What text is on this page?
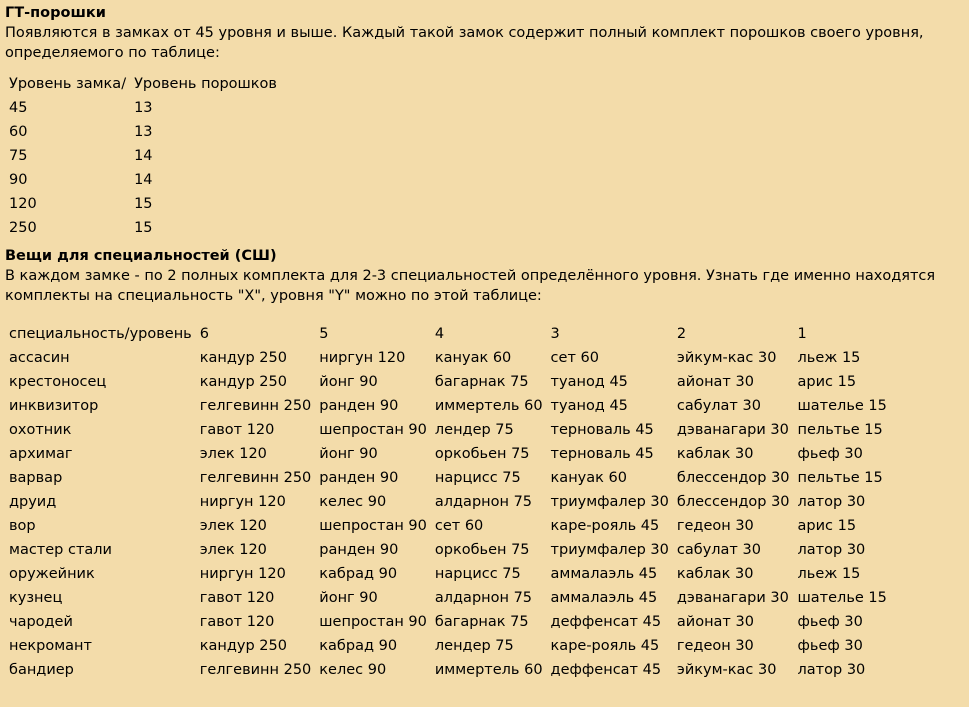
ГТ-порошки

Появляются в замках от 45 уровня и выше. Каждый такой замок содержит полный комплект порошков своего уровня, определяемого по таблице:

Уровень замка/	Уровень порошков
45	13
60	13
75	14
90	14
120	15
250	15

Вещи для специальностей (СШ)

В каждом замке - по 2 полных комплекта для 2-3 специальностей определённого уровня. Узнать где именно находятся комплекты на специальность "X", уровня "Y" можно по этой таблице:

специальность/уровень	6	5	4	3	2	1
ассасин	кандур 250	ниргун 120	кануак 60	сет 60	эйкум-кас 30	льеж 15
крестоносец	кандур 250	йонг 90	багарнак 75	туанод 45	айонат 30	арис 15
инквизитор	гелгевинн 250	ранден 90	иммертель 60	туанод 45	сабулат 30	шателье 15
охотник	гавот 120	шепростан 90	лендер 75	терноваль 45	дэванагари 30	пельтье 15
архимаг	элек 120	йонг 90	оркобьен 75	терноваль 45	каблак 30	фьеф 30
варвар	гелгевинн 250	ранден 90	нарцисс 75	кануак 60	блессендор 30	пельтье 15
друид	ниргун 120	келес 90	алдарнон 75	триумфалер 30	блессендор 30	латор 30
вор	элек 120	шепростан 90	сет 60	каре-рояль 45	гедеон 30	арис 15
мастер стали	элек 120	ранден 90	оркобьен 75	триумфалер 30	сабулат 30	латор 30
оружейник	ниргун 120	кабрад 90	нарцисс 75	аммалаэль 45	каблак 30	льеж 15
кузнец	гавот 120	йонг 90	алдарнон 75	аммалаэль 45	дэванагари 30	шателье 15
чародей	гавот 120	шепростан 90	багарнак 75	деффенсат 45	айонат 30	фьеф 30
некромант	кандур 250	кабрад 90	лендер 75	каре-рояль 45	гедеон 30	фьеф 30
бандиер	гелгевинн 250	келес 90	иммертель 60	деффенсат 45	эйкум-кас 30	латор 30
